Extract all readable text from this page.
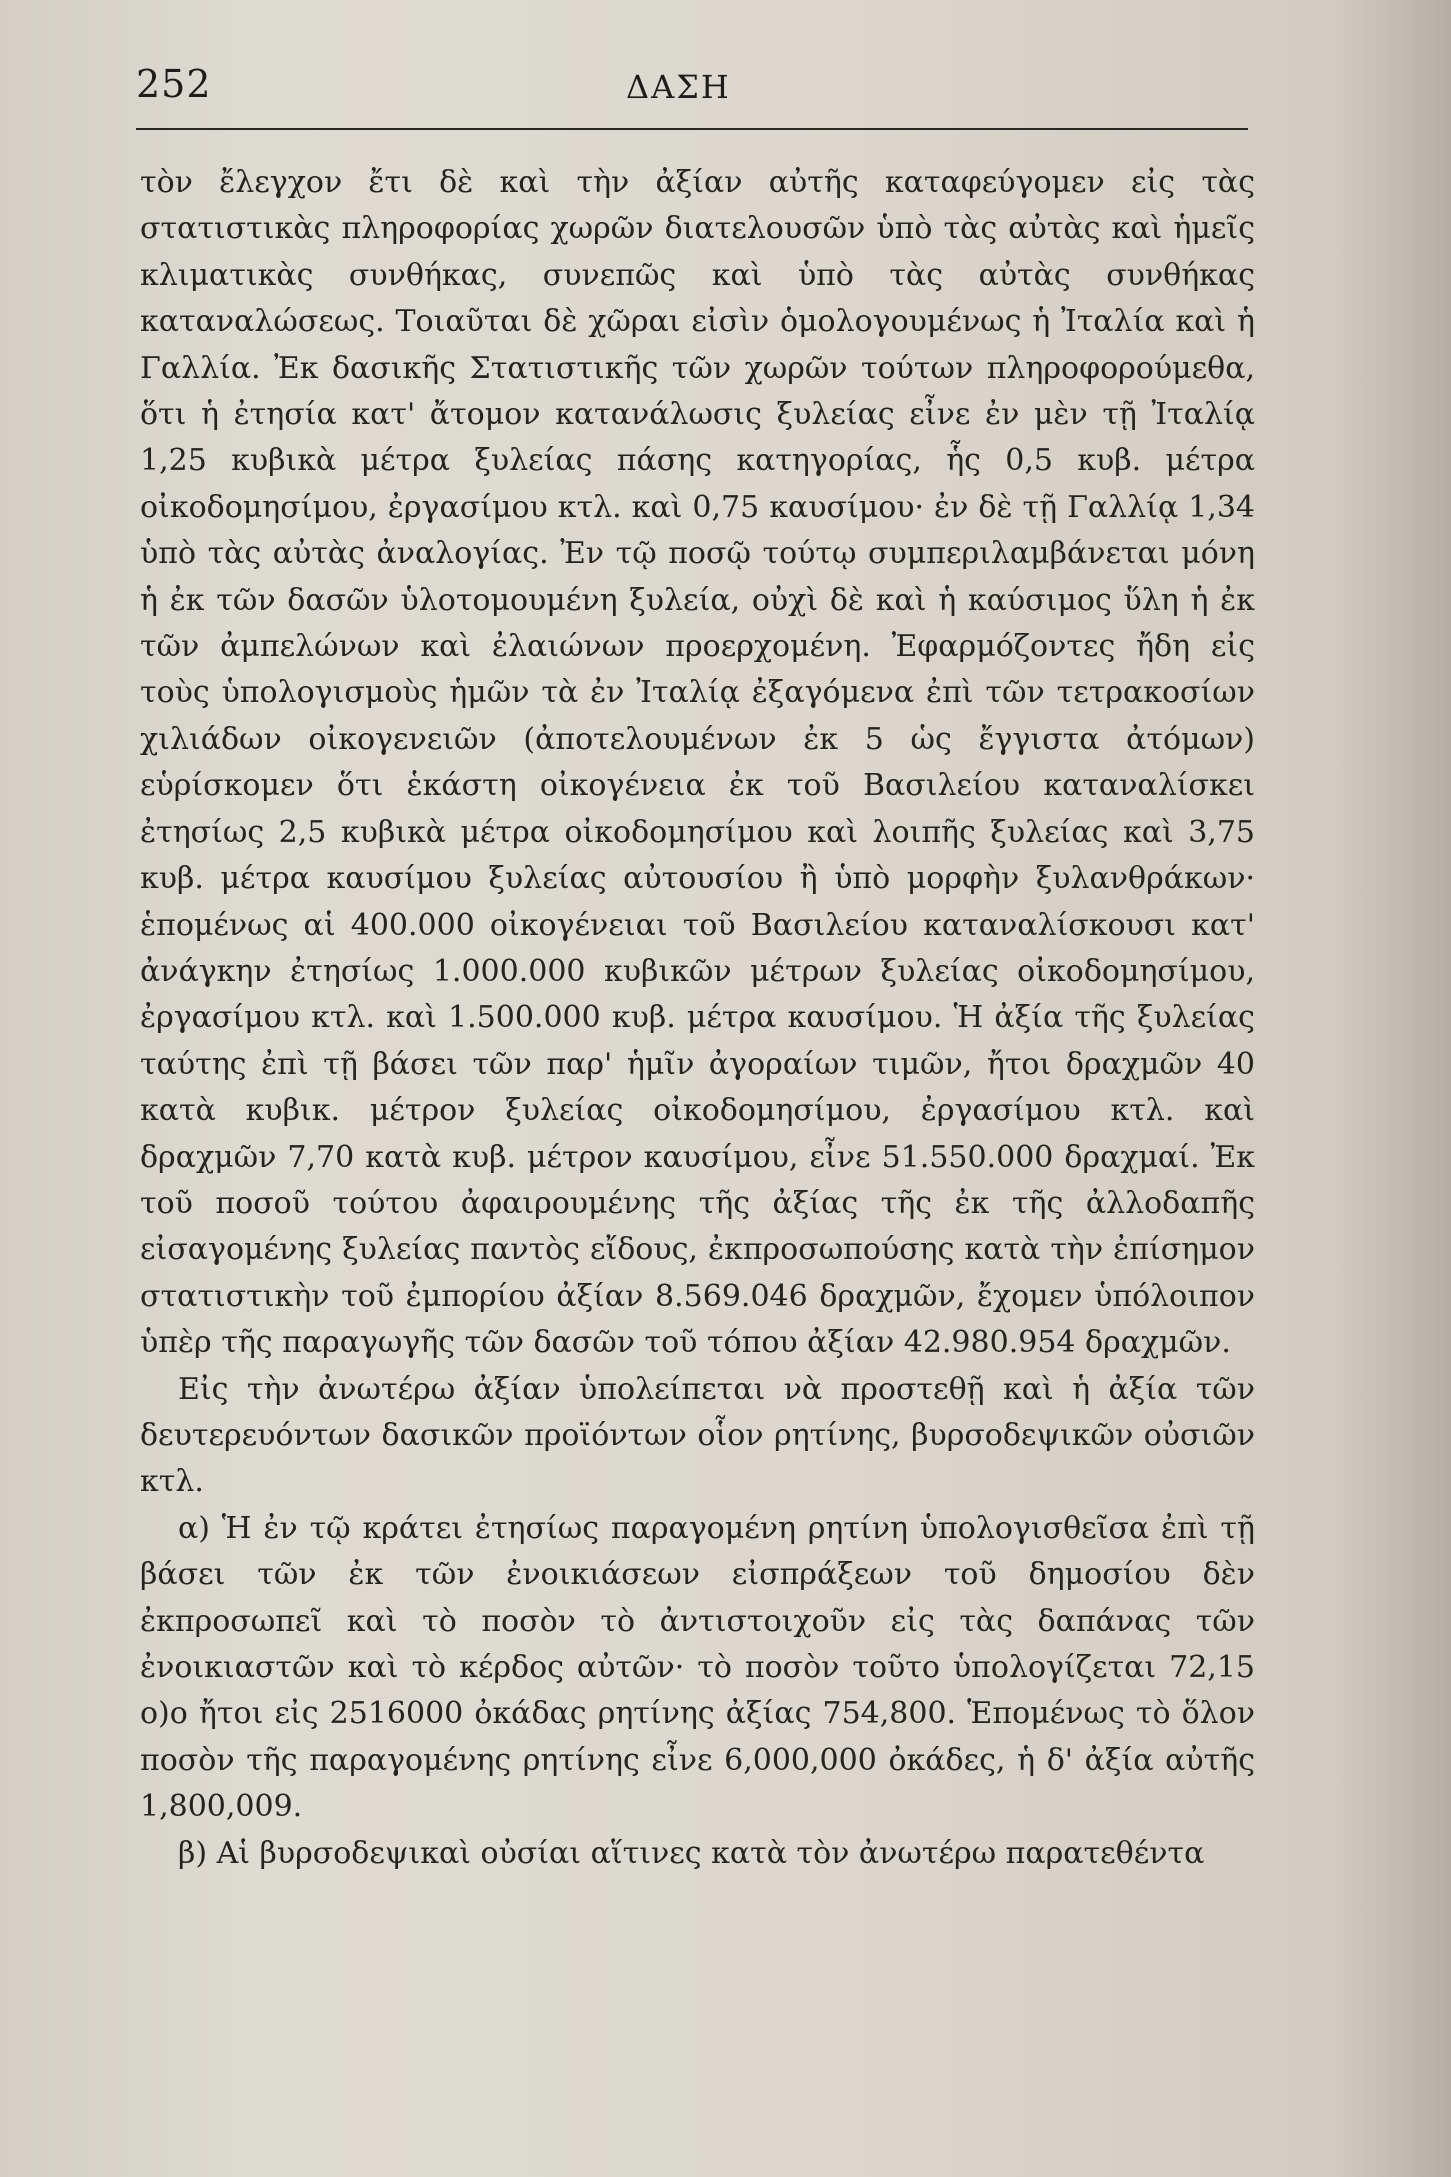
252	ΔΑΣΗ

τὸν ἔλεγχον ἔτι δὲ καὶ τὴν ἀξίαν αὐτῆς καταφεύγομεν εἰς τὰς στατιστικὰς πληροφορίας χωρῶν διατελουσῶν ὑπὸ τὰς αὐτὰς καὶ ἡμεῖς κλιματικὰς συνθήκας, συνεπῶς καὶ ὑπὸ τὰς αὐτὰς συνθήκας καταναλώσεως. Τοιαῦται δὲ χῶραι εἰσὶν ὁμολογουμένως ἡ Ἰταλία καὶ ἡ Γαλλία. Ἐκ δασικῆς Στατιστικῆς τῶν χωρῶν τούτων πληροφορούμεθα, ὅτι ἡ ἐτησία κατ' ἄτομον κατανάλωσις ξυλείας εἶνε ἐν μὲν τῇ Ἰταλίᾳ 1,25 κυβικὰ μέτρα ξυλείας πάσης κατηγορίας, ἧς 0,5 κυβ. μέτρα οἰκοδομησίμου, ἐργασίμου κτλ. καὶ 0,75 καυσίμου· ἐν δὲ τῇ Γαλλίᾳ 1,34 ὑπὸ τὰς αὐτὰς ἀναλογίας. Ἐν τῷ ποσῷ τούτῳ συμπεριλαμβάνεται μόνη ἡ ἐκ τῶν δασῶν ὑλοτομουμένη ξυλεία, οὐχὶ δὲ καὶ ἡ καύσιμος ὕλη ἡ ἐκ τῶν ἀμπελώνων καὶ ἐλαιώνων προερχομένη. Ἐφαρμόζοντες ἤδη εἰς τοὺς ὑπολογισμοὺς ἡμῶν τὰ ἐν Ἰταλίᾳ ἐξαγόμενα ἐπὶ τῶν τετρακοσίων χιλιάδων οἰκογενειῶν (ἀποτελουμένων ἐκ 5 ὡς ἔγγιστα ἀτόμων) εὑρίσκομεν ὅτι ἑκάστη οἰκογένεια ἐκ τοῦ Βασιλείου καταναλίσκει ἐτησίως 2,5 κυβικὰ μέτρα οἰκοδομησίμου καὶ λοιπῆς ξυλείας καὶ 3,75 κυβ. μέτρα καυσίμου ξυλείας αὐτουσίου ἢ ὑπὸ μορφὴν ξυλανθράκων· ἑπομένως αἱ 400.000 οἰκογένειαι τοῦ Βασιλείου καταναλίσκουσι κατ' ἀνάγκην ἐτησίως 1.000.000 κυβικῶν μέτρων ξυλείας οἰκοδομησίμου, ἐργασίμου κτλ. καὶ 1.500.000 κυβ. μέτρα καυσίμου. Ἡ ἀξία τῆς ξυλείας ταύτης ἐπὶ τῇ βάσει τῶν παρ' ἡμῖν ἀγοραίων τιμῶν, ἤτοι δραχμῶν 40 κατὰ κυβικ. μέτρον ξυλείας οἰκοδομησίμου, ἐργασίμου κτλ. καὶ δραχμῶν 7,70 κατὰ κυβ. μέτρον καυσίμου, εἶνε 51.550.000 δραχμαί. Ἐκ τοῦ ποσοῦ τούτου ἀφαιρουμένης τῆς ἀξίας τῆς ἐκ τῆς ἀλλοδαπῆς εἰσαγομένης ξυλείας παντὸς εἴδους, ἐκπροσωπούσης κατὰ τὴν ἐπίσημον στατιστικὴν τοῦ ἐμπορίου ἀξίαν 8.569.046 δραχμῶν, ἔχομεν ὑπόλοιπον ὑπὲρ τῆς παραγωγῆς τῶν δασῶν τοῦ τόπου ἀξίαν 42.980.954 δραχμῶν.

Εἰς τὴν ἀνωτέρω ἀξίαν ὑπολείπεται νὰ προστεθῇ καὶ ἡ ἀξία τῶν δευτερευόντων δασικῶν προϊόντων οἷον ρητίνης, βυρσοδεψικῶν οὐσιῶν κτλ.

α) Ἡ ἐν τῷ κράτει ἐτησίως παραγομένη ρητίνη ὑπολογισθεῖσα ἐπὶ τῇ βάσει τῶν ἐκ τῶν ἐνοικιάσεων εἰσπράξεων τοῦ δημοσίου δὲν ἐκπροσωπεῖ καὶ τὸ ποσὸν τὸ ἀντιστοιχοῦν εἰς τὰς δαπάνας τῶν ἐνοικιαστῶν καὶ τὸ κέρδος αὐτῶν· τὸ ποσὸν τοῦτο ὑπολογίζεται 72,15 ο)ο ἤτοι εἰς 2516000 ὀκάδας ρητίνης ἀξίας 754,800. Ἑπομένως τὸ ὅλον ποσὸν τῆς παραγομένης ρητίνης εἶνε 6,000,000 ὀκάδες, ἡ δ' ἀξία αὐτῆς 1,800,009.

β) Αἱ βυρσοδεψικαὶ οὐσίαι αἵτινες κατὰ τὸν ἀνωτέρω παρατεθέντα
